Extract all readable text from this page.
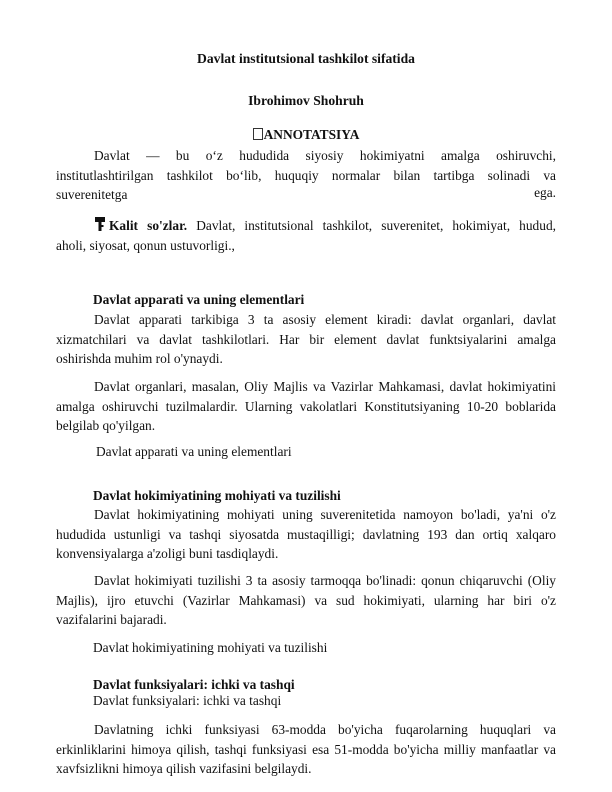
Davlat institutsional tashkilot sifatida
Ibrohimov Shohruh
ANNOTATSIYA
Davlat — bu o‘z hududida siyosiy hokimiyatni amalga oshiruvchi,
institutlashtirilgan tashkilot bo‘lib, huquqiy normalar bilan tartibga solinadi va
suverenitetga	ega.
Kalit so'zlar. Davlat, institutsional tashkilot, suverenitet, hokimiyat, hudud,
aholi, siyosat, qonun ustuvorligi.,
Davlat apparati va uning elementlari
Davlat apparati tarkibiga 3 ta asosiy element kiradi: davlat organlari, davlat
xizmatchilari va davlat tashkilotlari. Har bir element davlat funktsiyalarini amalga
oshirishda muhim rol o'ynaydi.
Davlat organlari, masalan, Oliy Majlis va Vazirlar Mahkamasi, davlat hokimiyatini
amalga oshiruvchi tuzilmalardir. Ularning vakolatlari Konstitutsiyaning 10-20 boblarida
belgilab qo'yilgan.
Davlat apparati va uning elementlari
Davlat hokimiyatining mohiyati va tuzilishi
Davlat hokimiyatining mohiyati uning suverenitetida namoyon bo'ladi, ya'ni o'z
hududida ustunligi va tashqi siyosatda mustaqilligi; davlatning 193 dan ortiq xalqaro
konvensiyalarga a'zoligi buni tasdiqlaydi.
Davlat hokimiyati tuzilishi 3 ta asosiy tarmoqqa bo'linadi: qonun chiqaruvchi (Oliy
Majlis), ijro etuvchi (Vazirlar Mahkamasi) va sud hokimiyati, ularning har biri o'z
vazifalarini bajaradi.
Davlat hokimiyatining mohiyati va tuzilishi
Davlat funksiyalari: ichki va tashqi
Davlat funksiyalari: ichki va tashqi
Davlatning ichki funksiyasi 63-modda bo'yicha fuqarolarning huquqlari va
erkinliklarini himoya qilish, tashqi funksiyasi esa 51-modda bo'yicha milliy manfaatlar va
xavfsizlikni himoya qilish vazifasini belgilaydi.
